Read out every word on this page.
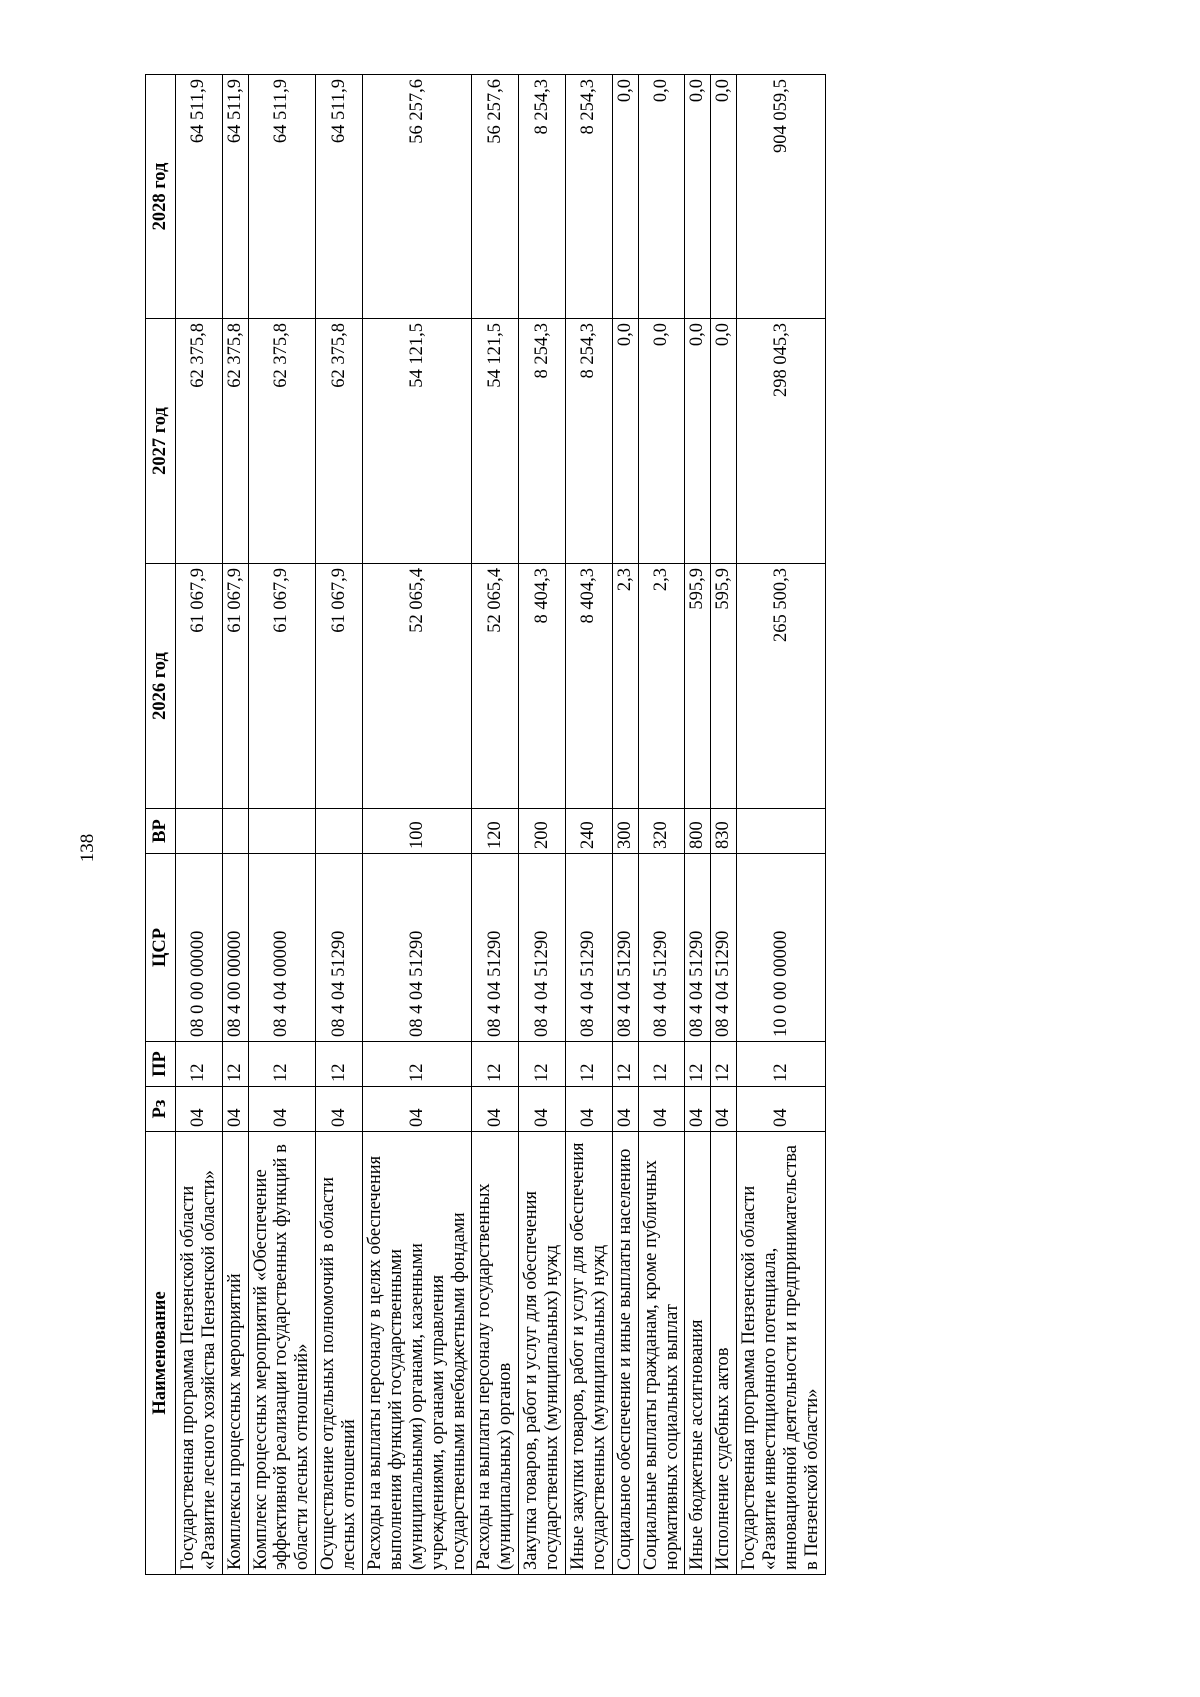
138
Наименование	Рз	ПР	ЦСР	ВР	2026 год	2027 год	2028 год
Государственная программа Пензенской области «Развитие лесного хозяйства Пензенской области»	04	12	08 0 00 00000		61 067,9	62 375,8	64 511,9
Комплексы процессных мероприятий	04	12	08 4 00 00000		61 067,9	62 375,8	64 511,9
Комплекс процессных мероприятий «Обеспечение эффективной реализации государственных функций в области лесных отношений»	04	12	08 4 04 00000		61 067,9	62 375,8	64 511,9
Осуществление отдельных полномочий в области лесных отношений	04	12	08 4 04 51290		61 067,9	62 375,8	64 511,9
Расходы на выплаты персоналу в целях обеспечения выполнения функций государственными (муниципальными) органами, казенными учреждениями, органами управления государственными внебюджетными фондами	04	12	08 4 04 51290	100	52 065,4	54 121,5	56 257,6
Расходы на выплаты персоналу государственных (муниципальных) органов	04	12	08 4 04 51290	120	52 065,4	54 121,5	56 257,6
Закупка товаров, работ и услуг для обеспечения государственных (муниципальных) нужд	04	12	08 4 04 51290	200	8 404,3	8 254,3	8 254,3
Иные закупки товаров, работ и услуг для обеспечения государственных (муниципальных) нужд	04	12	08 4 04 51290	240	8 404,3	8 254,3	8 254,3
Социальное обеспечение и иные выплаты населению	04	12	08 4 04 51290	300	2,3	0,0	0,0
Социальные выплаты гражданам, кроме публичных нормативных социальных выплат	04	12	08 4 04 51290	320	2,3	0,0	0,0
Иные бюджетные ассигнования	04	12	08 4 04 51290	800	595,9	0,0	0,0
Исполнение судебных актов	04	12	08 4 04 51290	830	595,9	0,0	0,0
Государственная программа Пензенской области «Развитие инвестиционного потенциала, инновационной деятельности и предпринимательства в Пензенской области»	04	12	10 0 00 00000		265 500,3	298 045,3	904 059,5
